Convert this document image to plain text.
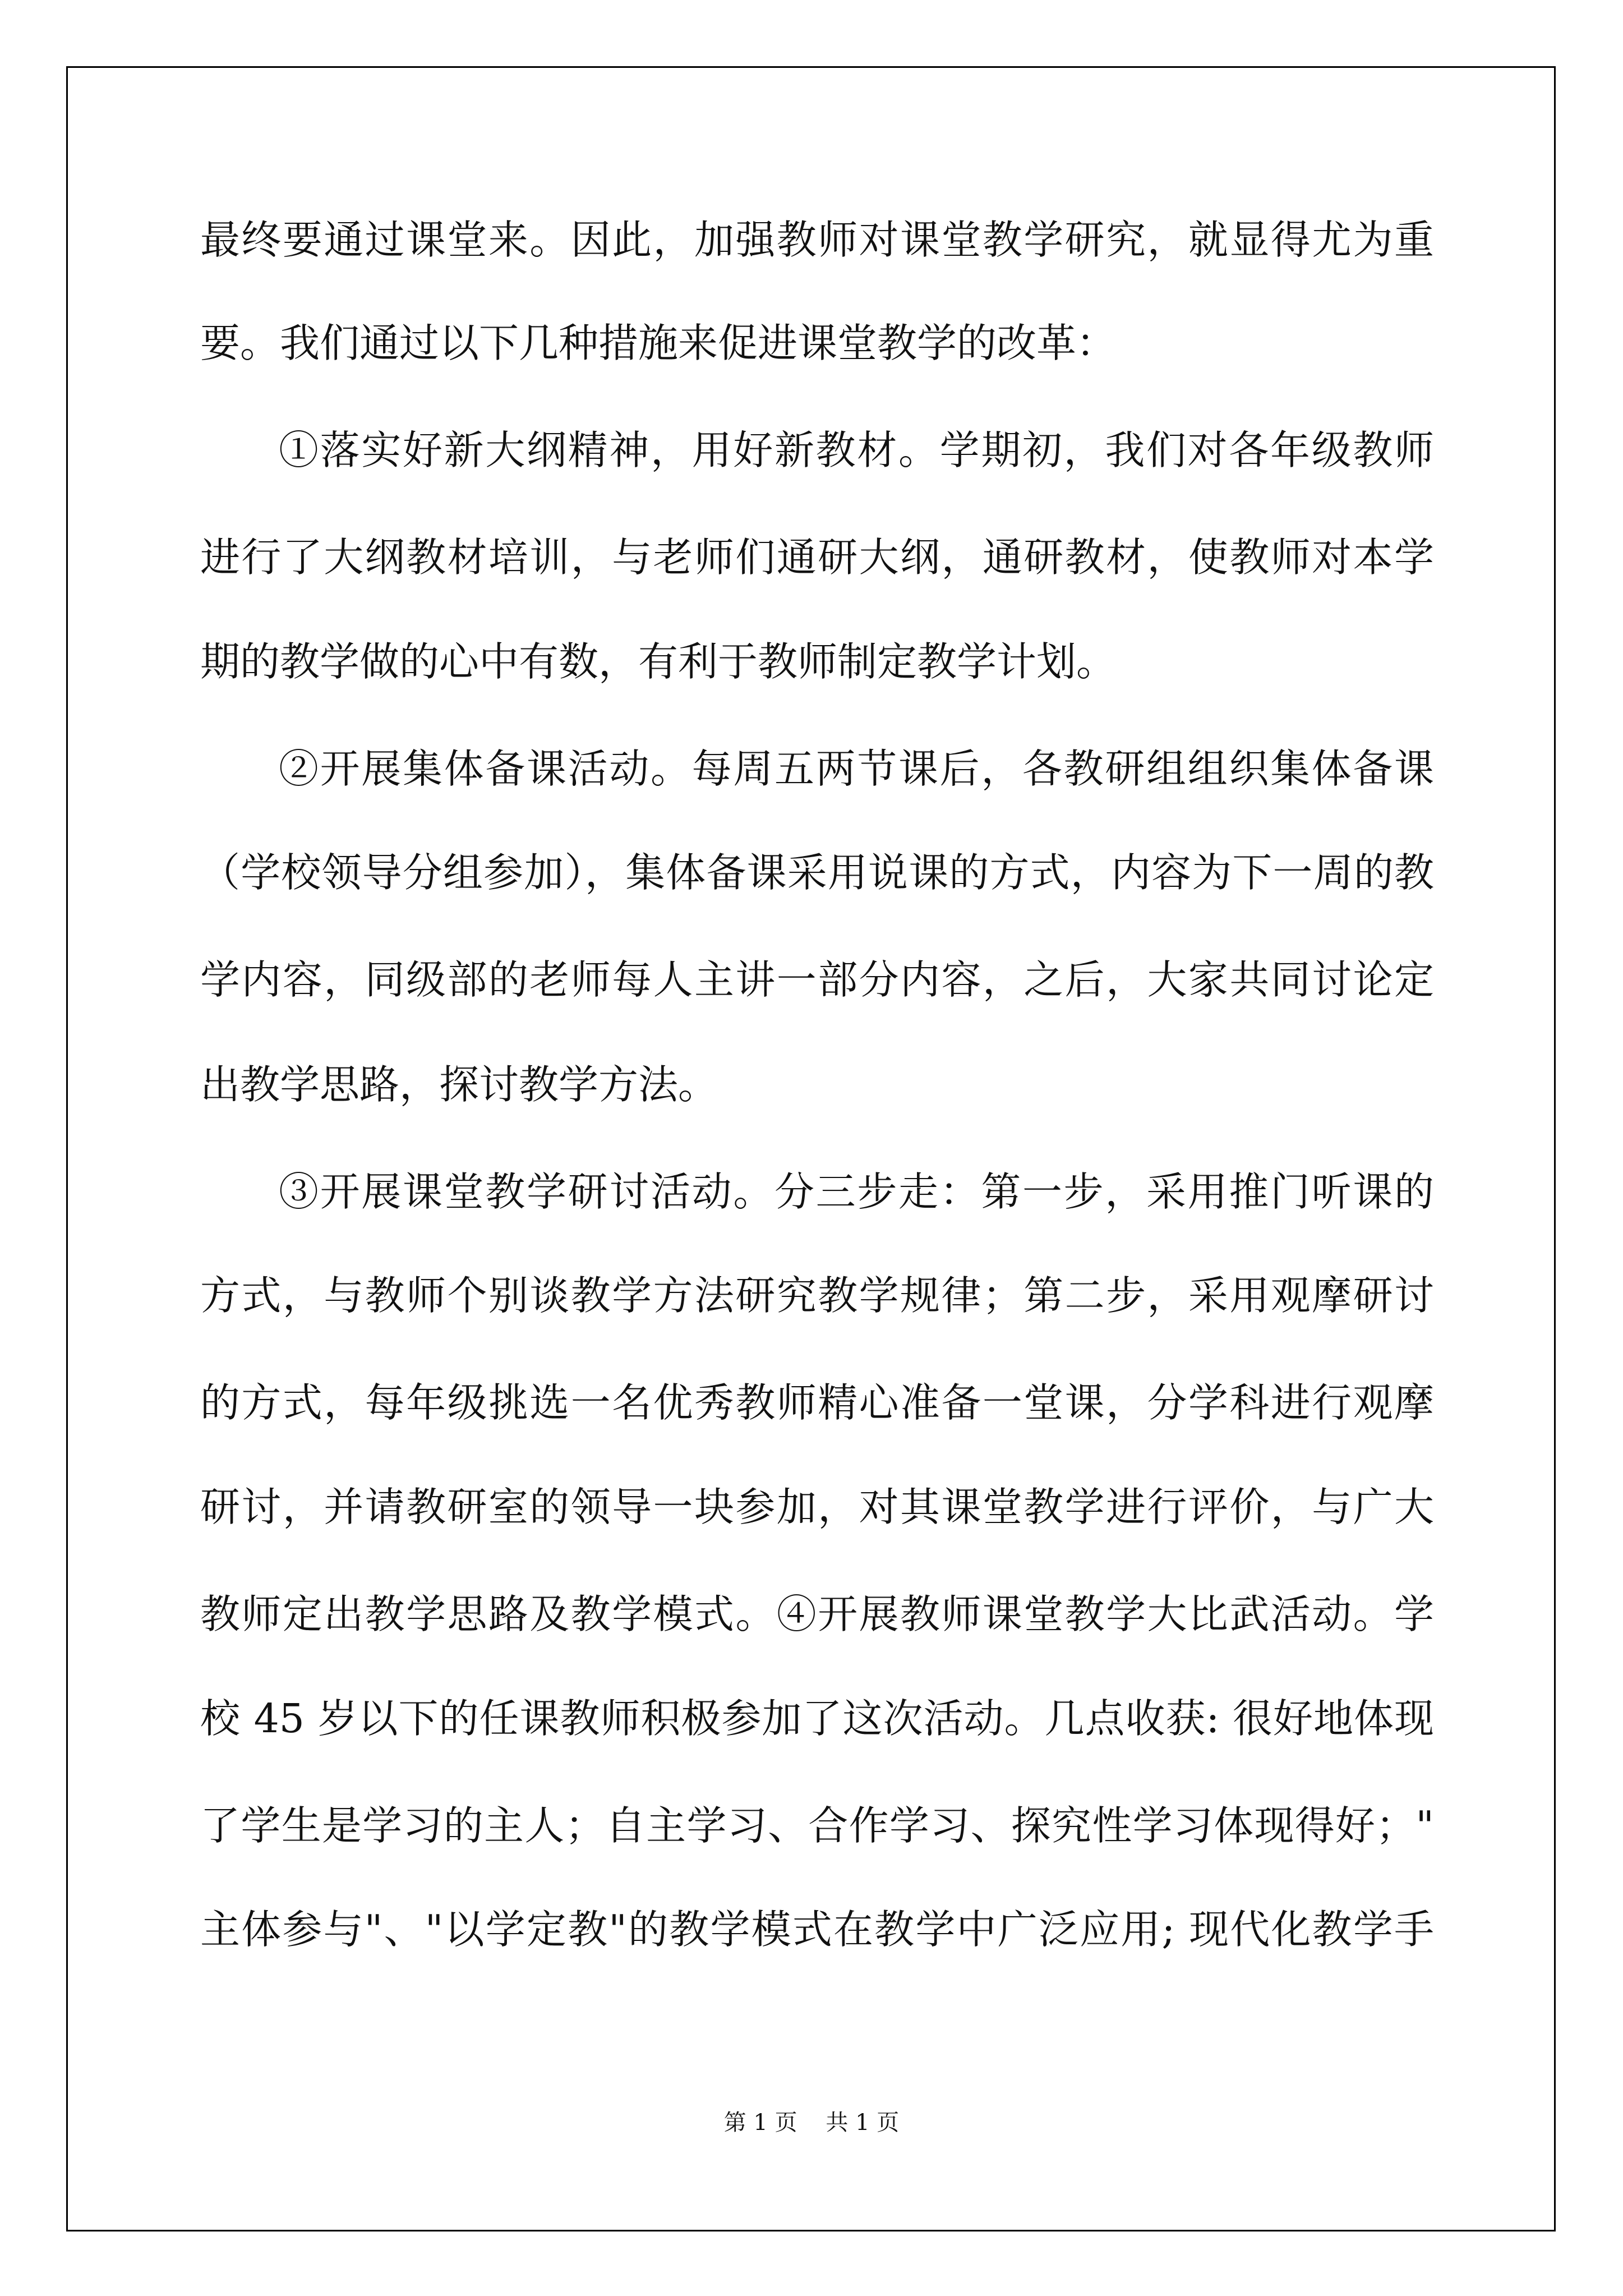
最终要通过课堂来。因此，加强教师对课堂教学研究，就显得尤为重
要。我们通过以下几种措施来促进课堂教学的改革：
①落实好新大纲精神，用好新教材。学期初，我们对各年级教师
进行了大纲教材培训，与老师们通研大纲，通研教材，使教师对本学
期的教学做的心中有数，有利于教师制定教学计划。
②开展集体备课活动。每周五两节课后，各教研组组织集体备课
（学校领导分组参加），集体备课采用说课的方式，内容为下一周的教
学内容，同级部的老师每人主讲一部分内容，之后，大家共同讨论定
出教学思路，探讨教学方法。
③开展课堂教学研讨活动。分三步走：第一步，采用推门听课的
方式，与教师个别谈教学方法研究教学规律；第二步，采用观摩研讨
的方式，每年级挑选一名优秀教师精心准备一堂课，分学科进行观摩
研讨，并请教研室的领导一块参加，对其课堂教学进行评价，与广大
教师定出教学思路及教学模式。④开展教师课堂教学大比武活动。学
校 45 岁以下的任课教师积极参加了这次活动。几点收获: 很好地体现
了学生是学习的主人；自主学习、合作学习、探究性学习体现得好；"
主体参与"、"以学定教"的教学模式在教学中广泛应用; 现代化教学手
第 1 页    共 1 页
